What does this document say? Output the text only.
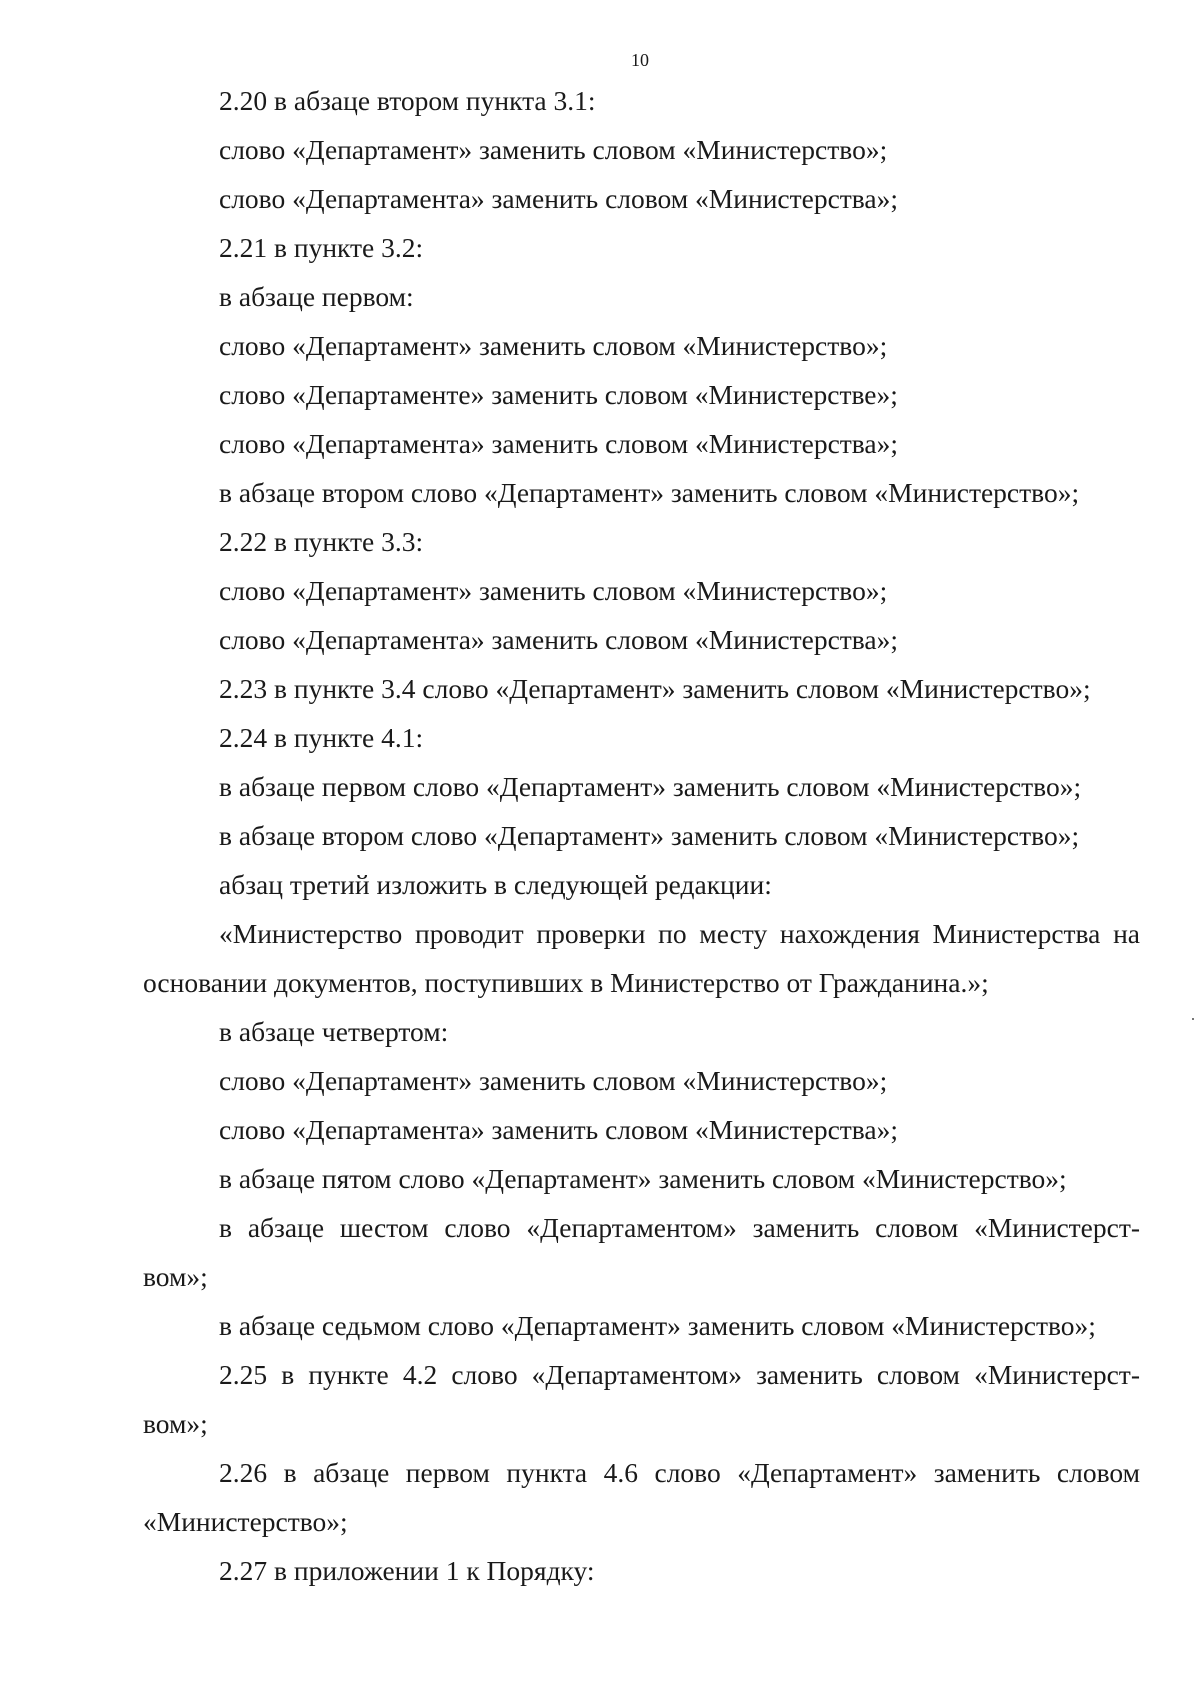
10
2.20 в абзаце втором пункта 3.1:
слово «Департамент» заменить словом «Министерство»;
слово «Департамента» заменить словом «Министерства»;
2.21 в пункте 3.2:
в абзаце первом:
слово «Департамент» заменить словом «Министерство»;
слово «Департаменте» заменить словом «Министерстве»;
слово «Департамента» заменить словом «Министерства»;
в абзаце втором слово «Департамент» заменить словом «Министерство»;
2.22 в пункте 3.3:
слово «Департамент» заменить словом «Министерство»;
слово «Департамента» заменить словом «Министерства»;
2.23 в пункте 3.4 слово «Департамент» заменить словом «Министерство»;
2.24 в пункте 4.1:
в абзаце первом слово «Департамент» заменить словом «Министерство»;
в абзаце втором слово «Департамент» заменить словом «Министерство»;
абзац третий изложить в следующей редакции:
«Министерство проводит проверки по месту нахождения Министерства на
основании документов, поступивших в Министерство от Гражданина.»;
в абзаце четвертом:
слово «Департамент» заменить словом «Министерство»;
слово «Департамента» заменить словом «Министерства»;
в абзаце пятом слово «Департамент» заменить словом «Министерство»;
в абзаце шестом слово «Департаментом» заменить словом «Министерст-
вом»;
в абзаце седьмом слово «Департамент» заменить словом «Министерство»;
2.25 в пункте 4.2 слово «Департаментом» заменить словом «Министерст-
вом»;
2.26 в абзаце первом пункта 4.6 слово «Департамент» заменить словом
«Министерство»;
2.27 в приложении 1 к Порядку:
